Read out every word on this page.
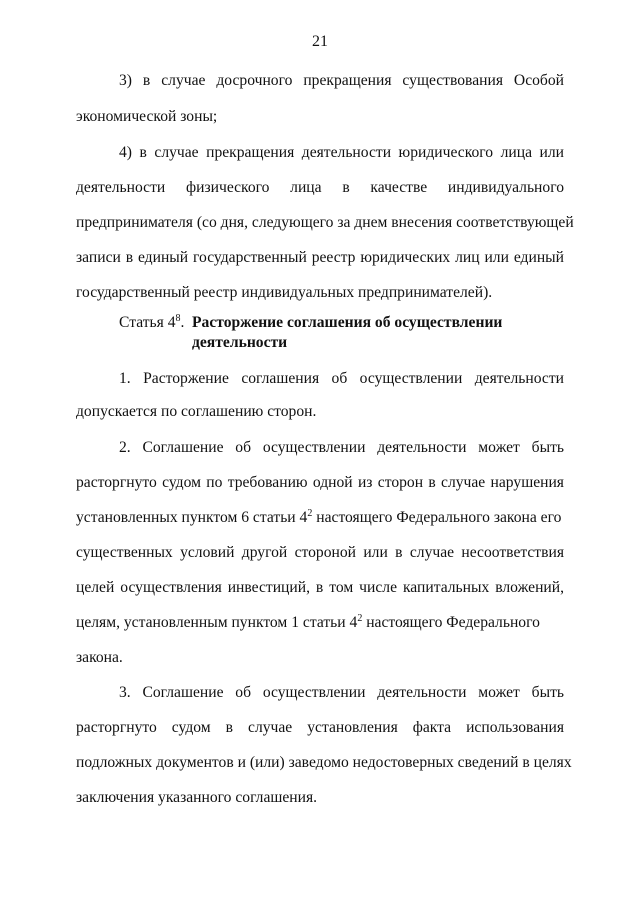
21
3) в случае досрочного прекращения существования Особой
экономической зоны;
4) в случае прекращения деятельности юридического лица или
деятельности физического лица в качестве индивидуального
предпринимателя (со дня, следующего за днем внесения соответствующей
записи в единый государственный реестр юридических лиц или единый
государственный реестр индивидуальных предпринимателей).
Статья $4^8$. Расторжение соглашения об осуществлении
деятельности
1. Расторжение соглашения об осуществлении деятельности
допускается по соглашению сторон.
2. Соглашение об осуществлении деятельности может быть
расторгнуто судом по требованию одной из сторон в случае нарушения
установленных пунктом 6 статьи $4^2$ настоящего Федерального закона его
существенных условий другой стороной или в случае несоответствия
целей осуществления инвестиций, в том числе капитальных вложений,
целям, установленным пунктом 1 статьи $4^2$ настоящего Федерального
закона.
3. Соглашение об осуществлении деятельности может быть
расторгнуто судом в случае установления факта использования
подложных документов и (или) заведомо недостоверных сведений в целях
заключения указанного соглашения.
